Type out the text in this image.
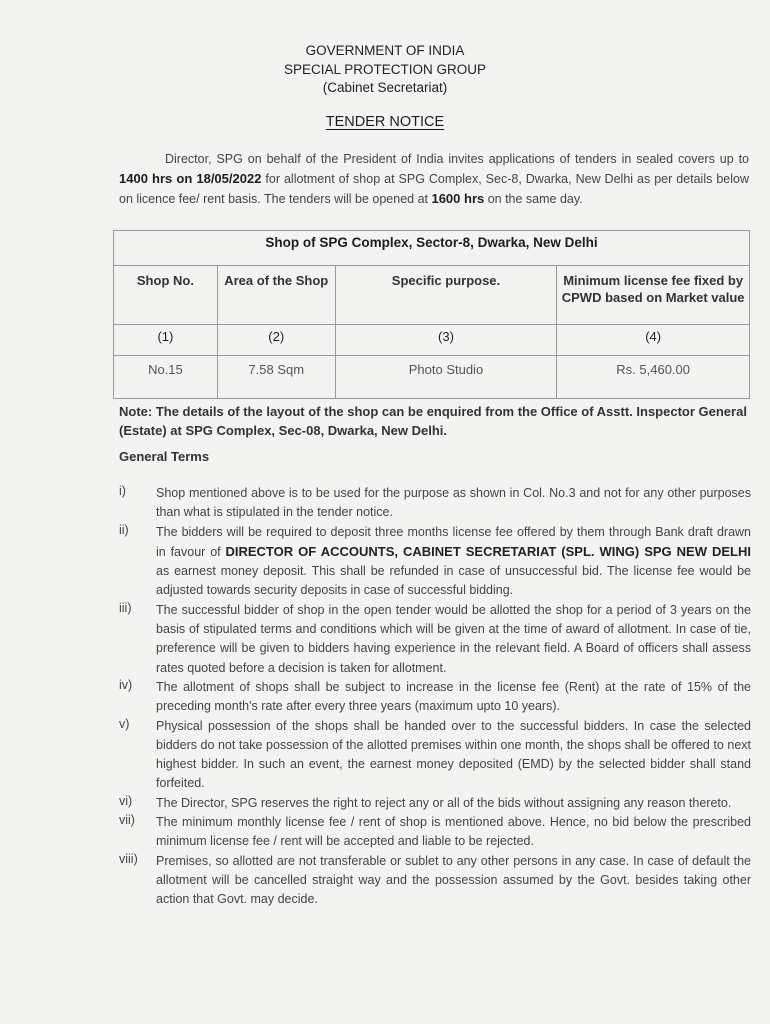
GOVERNMENT OF INDIA
SPECIAL PROTECTION GROUP
(Cabinet Secretariat)
TENDER NOTICE

Director, SPG on behalf of the President of India invites applications of tenders in sealed covers up to 1400 hrs on 18/05/2022 for allotment of shop at SPG Complex, Sec-8, Dwarka, New Delhi as per details below on licence fee/ rent basis. The tenders will be opened at 1600 hrs on the same day.

Shop of SPG Complex, Sector-8, Dwarka, New Delhi			
Shop No.	Area of the Shop	Specific purpose.	Minimum license fee fixed by CPWD based on Market value
(1)	(2)	(3)	(4)
No.15	7.58 Sqm	Photo Studio	Rs. 5,460.00

Note: The details of the layout of the shop can be enquired from the Office of Asstt. Inspector General (Estate) at SPG Complex, Sec-08, Dwarka, New Delhi.

General Terms
i)	Shop mentioned above is to be used for the purpose as shown in Col. No.3 and not for any other purposes than what is stipulated in the tender notice.
ii)	The bidders will be required to deposit three months license fee offered by them through Bank draft drawn in favour of DIRECTOR OF ACCOUNTS, CABINET SECRETARIAT (SPL. WING) SPG NEW DELHI as earnest money deposit. This shall be refunded in case of unsuccessful bid. The license fee would be adjusted towards security deposits in case of successful bidding.
iii)	The successful bidder of shop in the open tender would be allotted the shop for a period of 3 years on the basis of stipulated terms and conditions which will be given at the time of award of allotment. In case of tie, preference will be given to bidders having experience in the relevant field. A Board of officers shall assess rates quoted before a decision is taken for allotment.
iv)	The allotment of shops shall be subject to increase in the license fee (Rent) at the rate of 15% of the preceding month's rate after every three years (maximum upto 10 years).
v)	Physical possession of the shops shall be handed over to the successful bidders. In case the selected bidders do not take possession of the allotted premises within one month, the shops shall be offered to next highest bidder. In such an event, the earnest money deposited (EMD) by the selected bidder shall stand forfeited.
vi)	The Director, SPG reserves the right to reject any or all of the bids without assigning any reason thereto.
vii)	The minimum monthly license fee / rent of shop is mentioned above. Hence, no bid below the prescribed minimum license fee / rent will be accepted and liable to be rejected.
viii)	Premises, so allotted are not transferable or sublet to any other persons in any case. In case of default the allotment will be cancelled straight way and the possession assumed by the Govt. besides taking other action that Govt. may decide.
